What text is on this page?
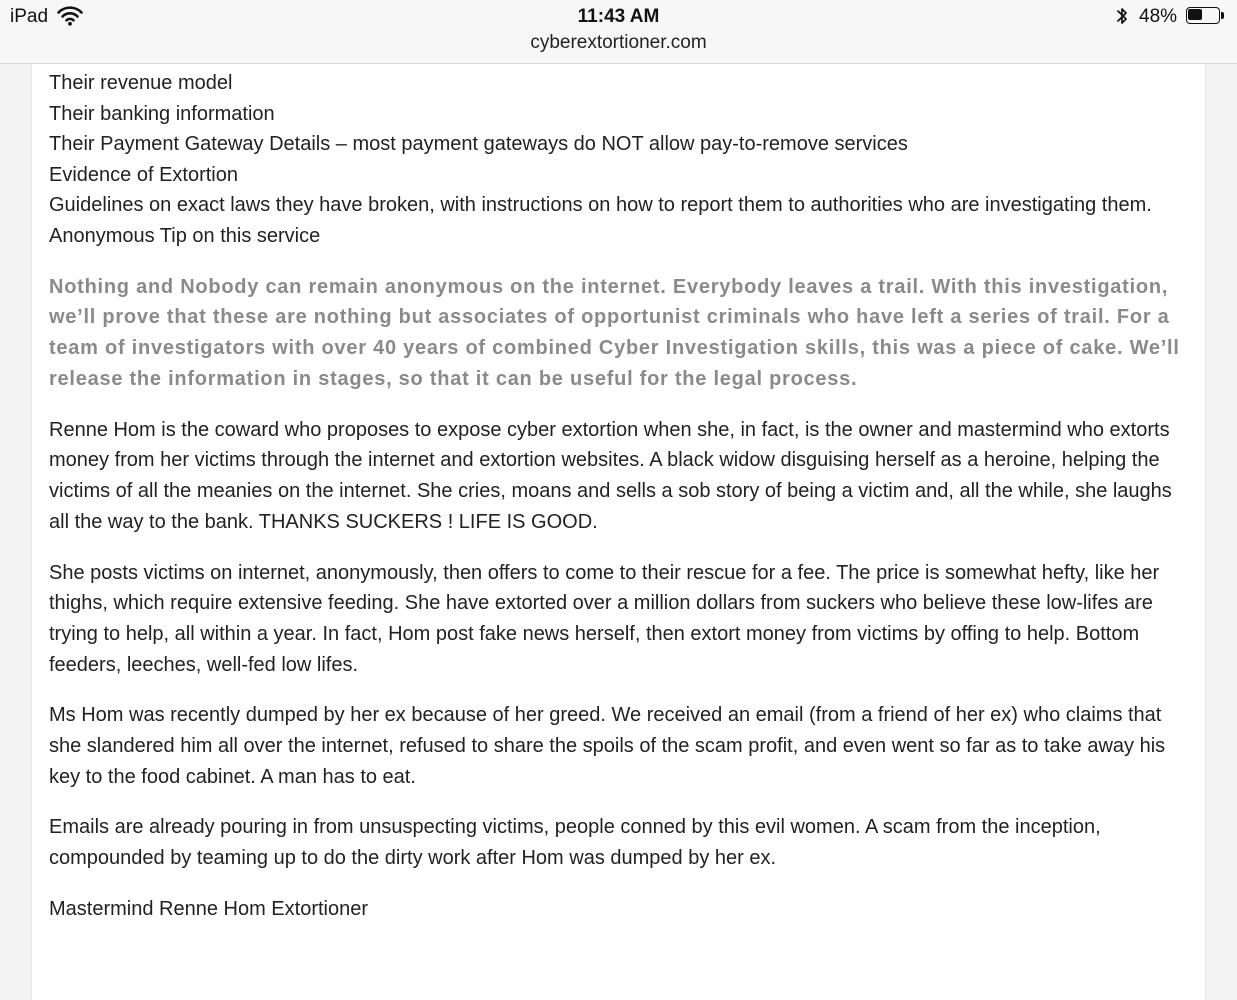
iPad	11:43 AM
cyberextortioner.com
48%

Their revenue model

Their banking information

Their Payment Gateway Details – most payment gateways do NOT allow pay-to-remove services

Evidence of Extortion

Guidelines on exact laws they have broken, with instructions on how to report them to authorities who are investigating them.

Anonymous Tip on this service

Nothing and Nobody can remain anonymous on the internet. Everybody leaves a trail. With this investigation, we’ll prove that these are nothing but associates of opportunist criminals who have left a series of trail. For a team of investigators with over 40 years of combined Cyber Investigation skills, this was a piece of cake. We’ll release the information in stages, so that it can be useful for the legal process.

Renne Hom is the coward who proposes to expose cyber extortion when she, in fact, is the owner and mastermind who extorts money from her victims through the internet and extortion websites. A black widow disguising herself as a heroine, helping the victims of all the meanies on the internet. She cries, moans and sells a sob story of being a victim and, all the while, she laughs all the way to the bank. THANKS SUCKERS ! LIFE IS GOOD.

She posts victims on internet, anonymously, then offers to come to their rescue for a fee. The price is somewhat hefty, like her thighs, which require extensive feeding. She have extorted over a million dollars from suckers who believe these low-lifes are trying to help, all within a year. In fact, Hom post fake news herself, then extort money from victims by offing to help. Bottom feeders, leeches, well-fed low lifes.

Ms Hom was recently dumped by her ex because of her greed. We received an email (from a friend of her ex) who claims that she slandered him all over the internet, refused to share the spoils of the scam profit, and even went so far as to take away his key to the food cabinet. A man has to eat.

Emails are already pouring in from unsuspecting victims, people conned by this evil women. A scam from the inception, compounded by teaming up to do the dirty work after Hom was dumped by her ex.

Mastermind Renne Hom Extortioner
